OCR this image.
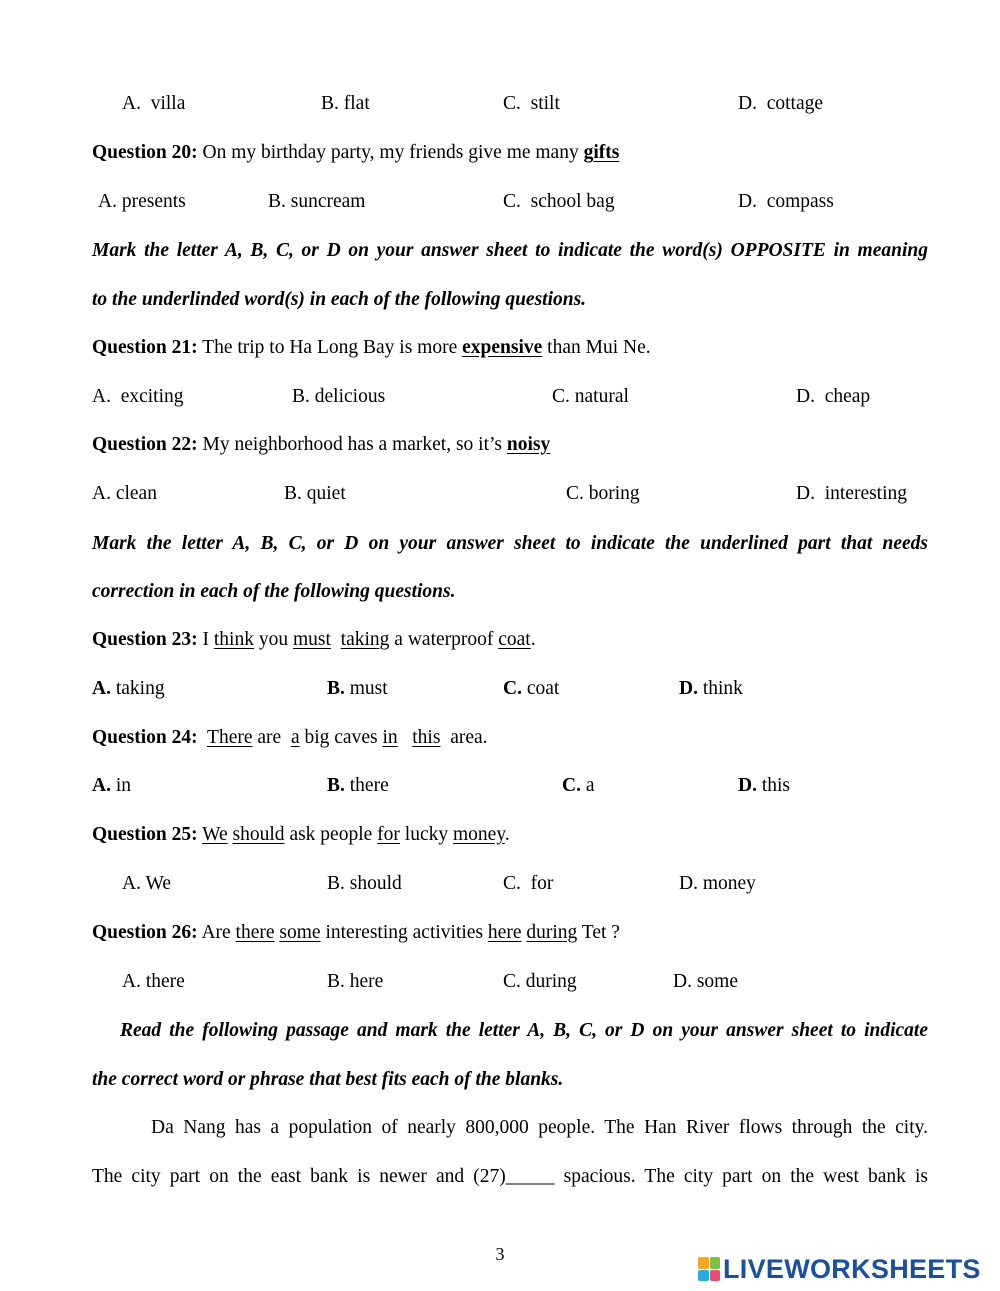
A.  villa

	B. flat

	C.  stilt

	D.  cottage

Question 20: On my birthday party, my friends give me many gifts

A. presents

	B. suncream

	C.  school bag

	D.  compass

Mark the letter A, B, C, or D on your answer sheet to indicate the word(s) OPPOSITE in meaning
to the underlinded word(s) in each of the following questions.

Question 21: The trip to Ha Long Bay is more expensive than Mui Ne.

A.  exciting

	B. delicious

	C. natural

	D.  cheap

Question 22: My neighborhood has a market, so it’s noisy

A. clean

	B. quiet

	C. boring

	D.  interesting

Mark the letter A, B, C, or D on your answer sheet to indicate the underlined part that needs
correction in each of the following questions.

Question 23: I think you must taking a waterproof coat.

A. taking

	B. must

	C. coat

	D. think

Question 24: There are  a big caves in this  area.

A. in

	B. there

	C. a

	D. this

Question 25: We should ask people for lucky money.

A. We

	B. should

	C.  for

	D. money

Question 26: Are there some interesting activities here during Tet ?

A. there

	B. here

	C. during

	D. some

Read the following passage and mark the letter A, B, C, or D on your answer sheet to indicate
the correct word or phrase that best fits each of the blanks.
Da Nang has a population of nearly 800,000 people. The Han River flows through the city.
The city part on the east bank is newer and (27)_____ spacious. The city part on the west bank is
3	LIVEWORKSHEETS
